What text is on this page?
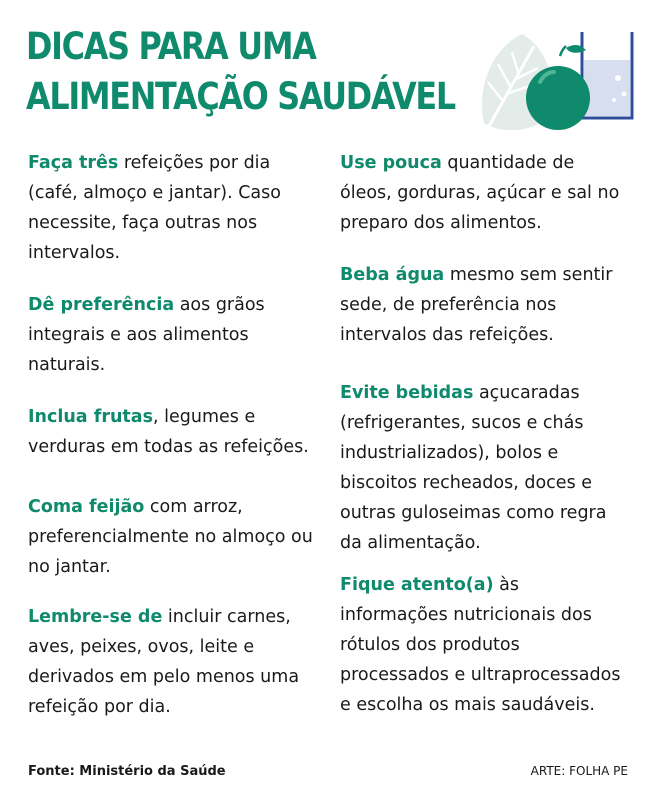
DICAS PARA UMA
ALIMENTAÇÃO SAUDÁVEL

Faça três refeições por dia (café, almoço e jantar). Caso necessite, faça outras nos intervalos.

Dê preferência aos grãos integrais e aos alimentos naturais.

Inclua frutas, legumes e verduras em todas as refeições.

Coma feijão com arroz, preferencialmente no almoço ou no jantar.

Lembre-se de incluir carnes, aves, peixes, ovos, leite e derivados em pelo menos uma refeição por dia.

Use pouca quantidade de óleos, gorduras, açúcar e sal no preparo dos alimentos.

Beba água mesmo sem sentir sede, de preferência nos intervalos das refeições.

Evite bebidas açucaradas (refrigerantes, sucos e chás industrializados), bolos e biscoitos recheados, doces e outras guloseimas como regra da alimentação.

Fique atento(a) às informações nutricionais dos rótulos dos produtos processados e ultraprocessados e escolha os mais saudáveis.

Fonte: Ministério da Saúde	ARTE: FOLHA PE
